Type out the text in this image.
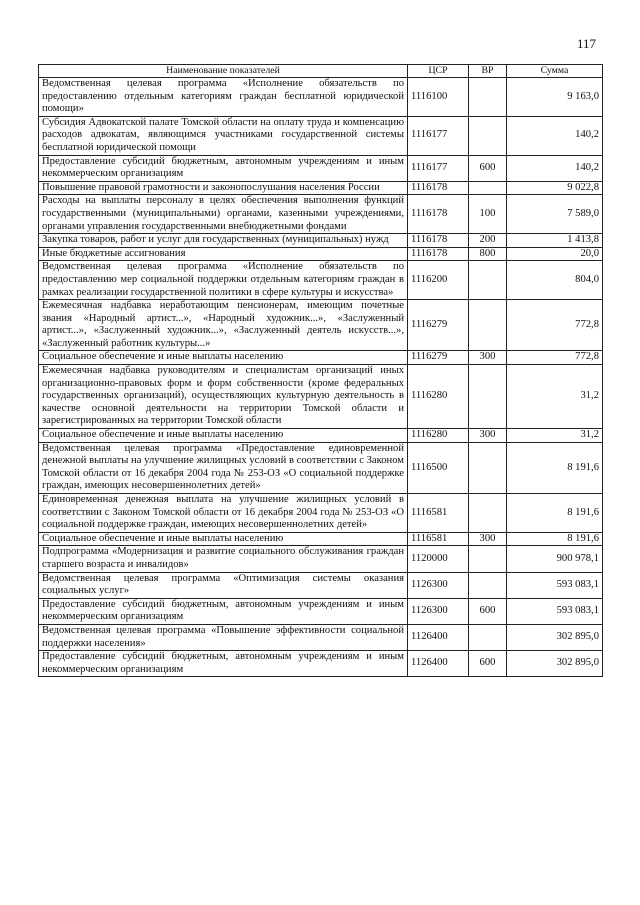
117
Наименование показателей	ЦСР	ВР	Сумма
Ведомственная целевая программа «Исполнение обязательств по предоставлению отдельным категориям граждан бесплатной юридической помощи»	1116100		9 163,0
Субсидия Адвокатской палате Томской области на оплату труда и компенсацию расходов адвокатам, являющимся участниками государственной системы бесплатной юридической помощи	1116177		140,2
Предоставление субсидий бюджетным, автономным учреждениям и иным некоммерческим организациям	1116177	600	140,2
Повышение правовой грамотности и законопослушания населения России	1116178		9 022,8
Расходы на выплаты персоналу в целях обеспечения выполнения функций государственными (муниципальными) органами, казенными учреждениями, органами управления государственными внебюджетными фондами	1116178	100	7 589,0
Закупка товаров, работ и услуг для государственных (муниципальных) нужд	1116178	200	1 413,8
Иные бюджетные ассигнования	1116178	800	20,0
Ведомственная целевая программа «Исполнение обязательств по предоставлению мер социальной поддержки отдельным категориям граждан в рамках реализации государственной политики в сфере культуры и искусства»	1116200		804,0
Ежемесячная надбавка неработающим пенсионерам, имеющим почетные звания «Народный артист...», «Народный художник...», «Заслуженный артист...», «Заслуженный художник...», «Заслуженный деятель искусств...», «Заслуженный работник культуры...»	1116279		772,8
Социальное обеспечение и иные выплаты населению	1116279	300	772,8
Ежемесячная надбавка руководителям и специалистам организаций иных организационно-правовых форм и форм собственности (кроме федеральных государственных организаций), осуществляющих культурную деятельность в качестве основной деятельности на территории Томской области и зарегистрированных на территории Томской области	1116280		31,2
Социальное обеспечение и иные выплаты населению	1116280	300	31,2
Ведомственная целевая программа «Предоставление единовременной денежной выплаты на улучшение жилищных условий в соответствии с Законом Томской области от 16 декабря 2004 года № 253-ОЗ «О социальной поддержке граждан, имеющих несовершеннолетних детей»	1116500		8 191,6
Единовременная денежная выплата на улучшение жилищных условий в соответствии с Законом Томской области от 16 декабря 2004 года № 253-ОЗ «О социальной поддержке граждан, имеющих несовершеннолетних детей»	1116581		8 191,6
Социальное обеспечение и иные выплаты населению	1116581	300	8 191,6
Подпрограмма «Модернизация и развитие социального обслуживания граждан старшего возраста и инвалидов»	1120000		900 978,1
Ведомственная целевая программа «Оптимизация системы оказания социальных услуг»	1126300		593 083,1
Предоставление субсидий бюджетным, автономным учреждениям и иным некоммерческим организациям	1126300	600	593 083,1
Ведомственная целевая программа «Повышение эффективности социальной поддержки населения»	1126400		302 895,0
Предоставление субсидий бюджетным, автономным учреждениям и иным некоммерческим организациям	1126400	600	302 895,0
